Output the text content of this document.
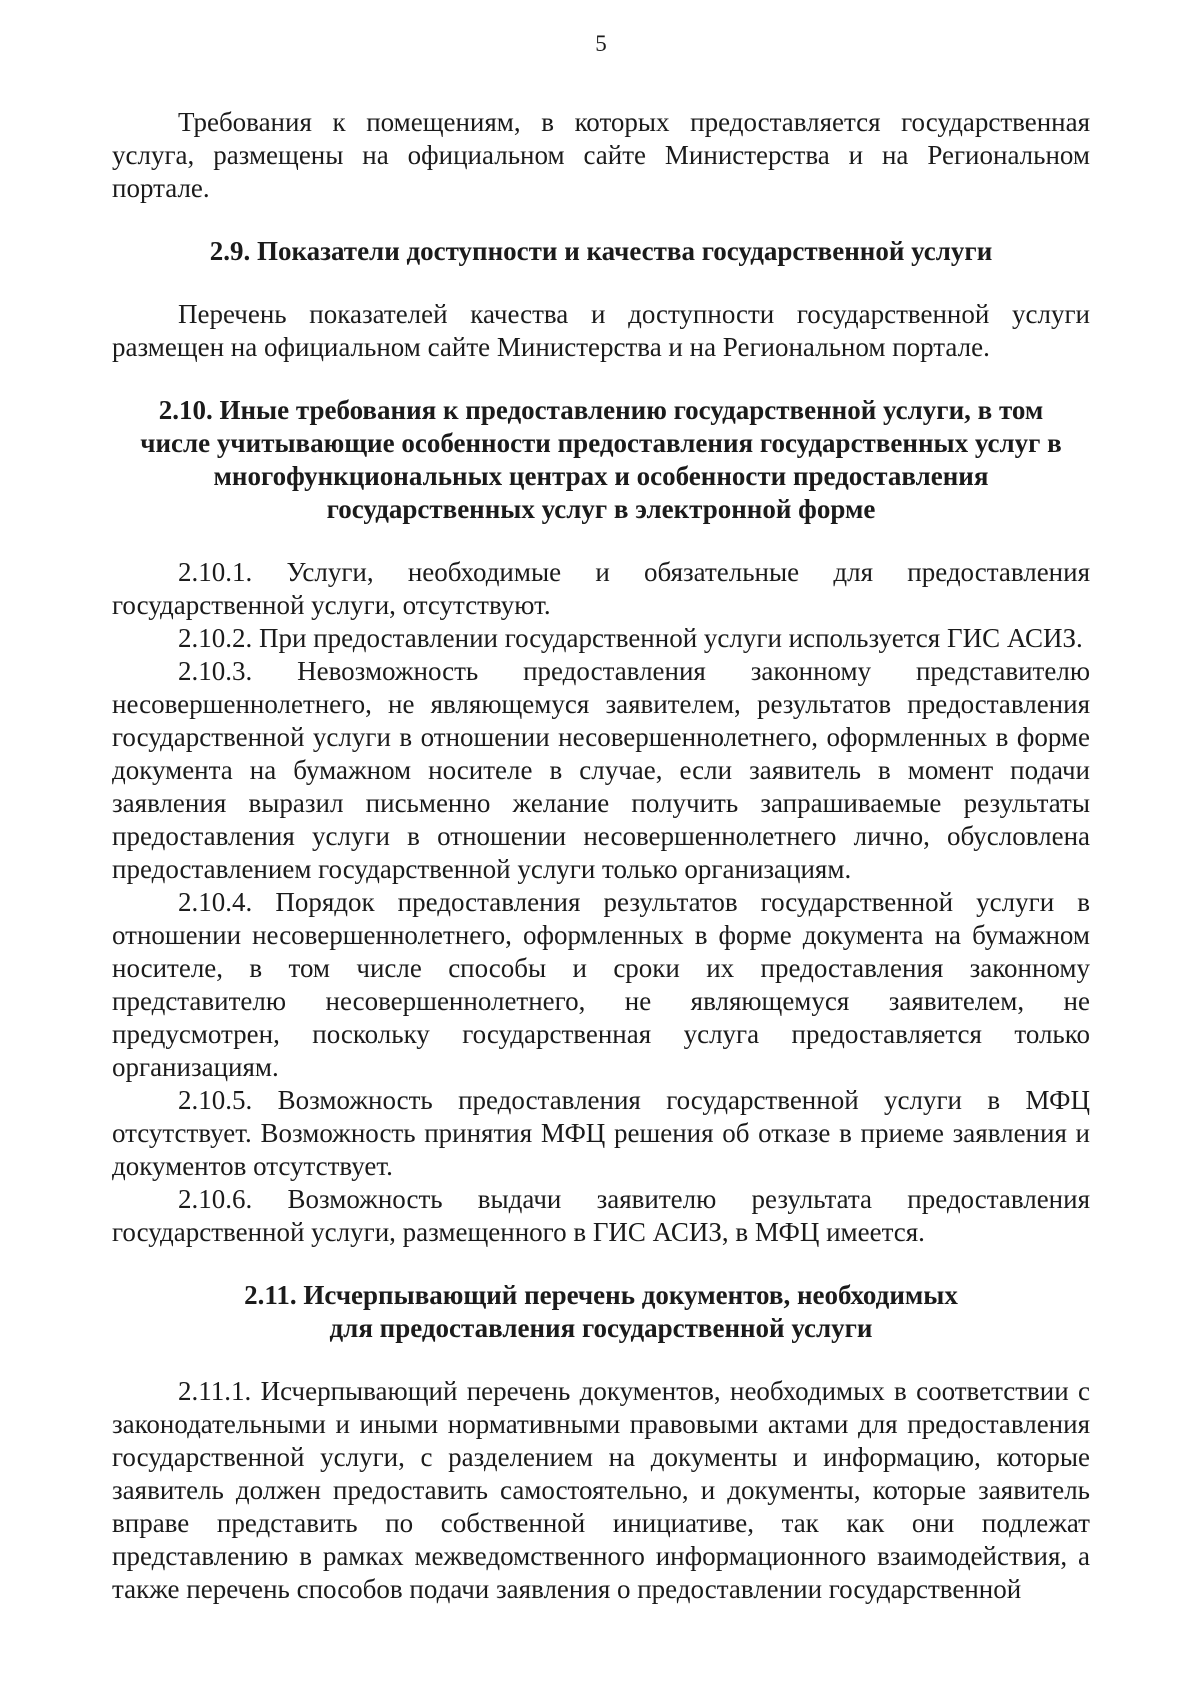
5

Требования к помещениям, в которых предоставляется государственная услуга, размещены на официальном сайте Министерства и на Региональном портале.

2.9. Показатели доступности и качества государственной услуги

Перечень показателей качества и доступности государственной услуги размещен на официальном сайте Министерства и на Региональном портале.

2.10. Иные требования к предоставлению государственной услуги, в том числе учитывающие особенности предоставления государственных услуг в многофункциональных центрах и особенности предоставления государственных услуг в электронной форме

2.10.1. Услуги, необходимые и обязательные для предоставления государственной услуги, отсутствуют.

2.10.2. При предоставлении государственной услуги используется ГИС АСИЗ.

2.10.3. Невозможность предоставления законному представителю несовершеннолетнего, не являющемуся заявителем, результатов предоставления государственной услуги в отношении несовершеннолетнего, оформленных в форме документа на бумажном носителе в случае, если заявитель в момент подачи заявления выразил письменно желание получить запрашиваемые результаты предоставления услуги в отношении несовершеннолетнего лично, обусловлена предоставлением государственной услуги только организациям.

2.10.4. Порядок предоставления результатов государственной услуги в отношении несовершеннолетнего, оформленных в форме документа на бумажном носителе, в том числе способы и сроки их предоставления законному представителю несовершеннолетнего, не являющемуся заявителем, не предусмотрен, поскольку государственная услуга предоставляется только организациям.

2.10.5. Возможность предоставления государственной услуги в МФЦ отсутствует. Возможность принятия МФЦ решения об отказе в приеме заявления и документов отсутствует.

2.10.6. Возможность выдачи заявителю результата предоставления государственной услуги, размещенного в ГИС АСИЗ, в МФЦ имеется.

2.11. Исчерпывающий перечень документов, необходимых для предоставления государственной услуги

2.11.1. Исчерпывающий перечень документов, необходимых в соответствии с законодательными и иными нормативными правовыми актами для предоставления государственной услуги, с разделением на документы и информацию, которые заявитель должен предоставить самостоятельно, и документы, которые заявитель вправе представить по собственной инициативе, так как они подлежат представлению в рамках межведомственного информационного взаимодействия, а также перечень способов подачи заявления о предоставлении государственной
